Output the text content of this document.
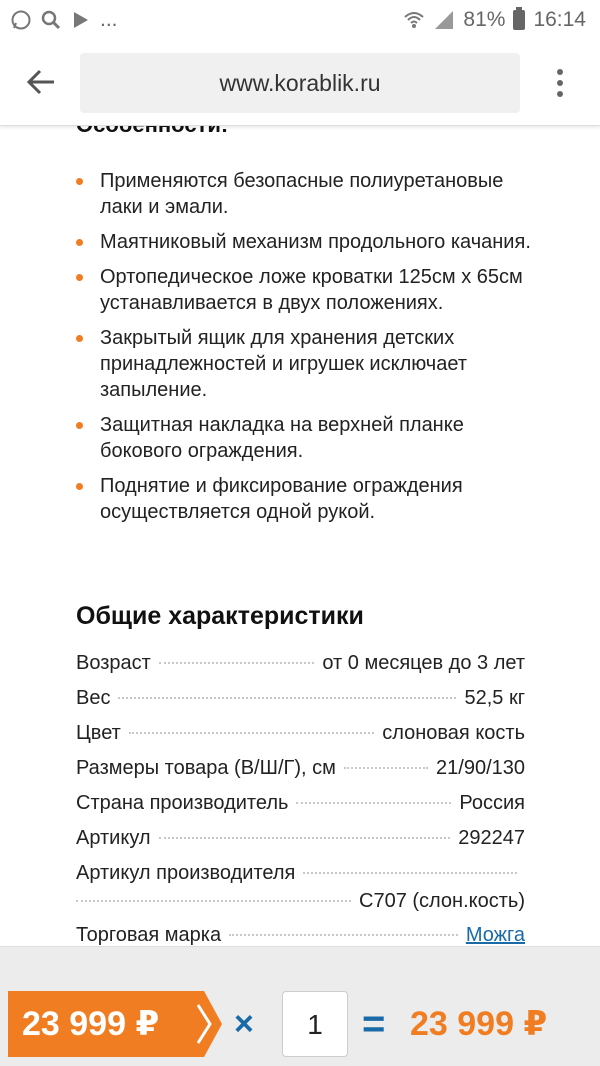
...	81% 16:14
www.korablik.ru
Применяются безопасные полиуретановые лаки и эмали.
Маятниковый механизм продольного качания.
Ортопедическое ложе кроватки 125см х 65см устанавливается в двух положениях.
Закрытый ящик для хранения детских принадлежностей и игрушек исключает запыление.
Защитная накладка на верхней планке бокового ограждения.
Поднятие и фиксирование ограждения осуществляется одной рукой.
Общие характеристики
Возраст	от 0 месяцев до 3 лет
Вес	52,5 кг
Цвет	слоновая кость
Размеры товара (В/Ш/Г), см	21/90/130
Страна производитель	Россия
Артикул	292247
Артикул производителя
C707 (слон.кость)
Торговая марка	Можга
23 999 ₽ ×	1 = 23 999 ₽
